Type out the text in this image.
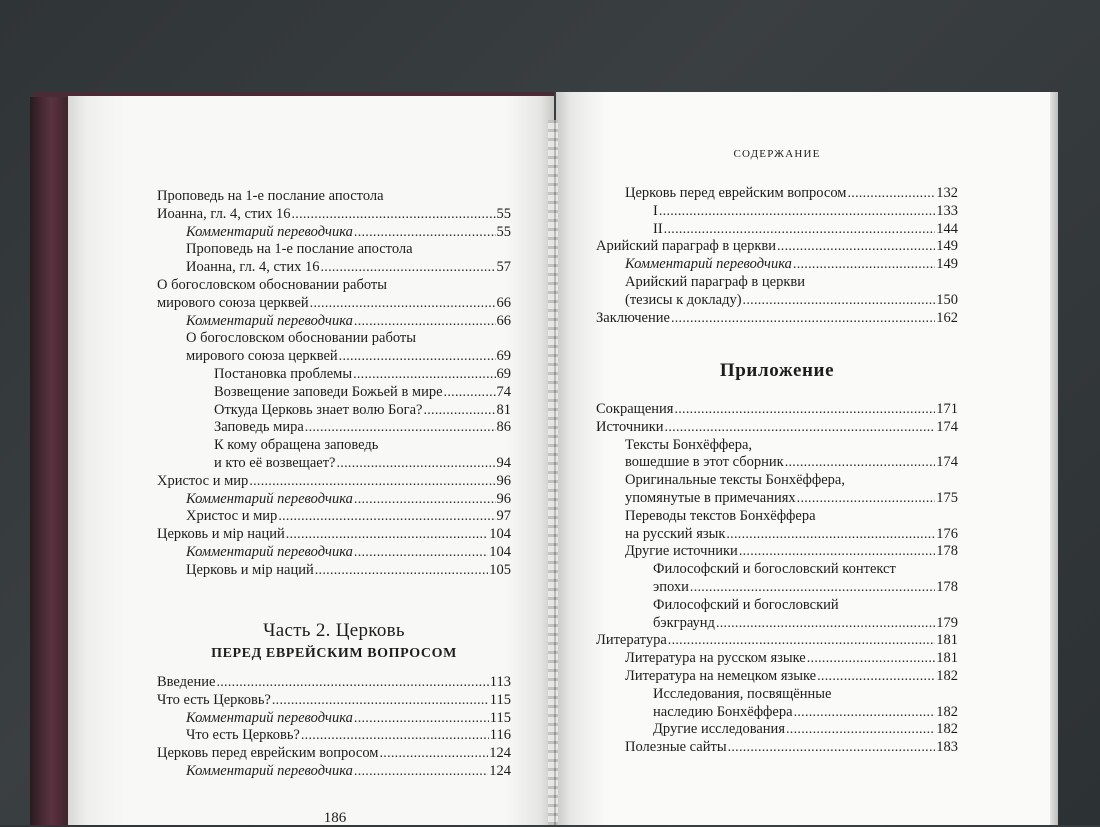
Проповедь на 1-е послание апостола
Иоанна, гл. 4, стих 16 .....	55
Комментарий переводчика .....	55
Проповедь на 1-е послание апостола
Иоанна, гл. 4, стих 16 .....	57
О богословском обосновании работы
мирового союза церквей .....	66
Комментарий переводчика .....	66
О богословском обосновании работы
мирового союза церквей .....	69
Постановка проблемы .....	69
Возвещение заповеди Божьей в мире .....	74
Откуда Церковь знает волю Бога? .....	81
Заповедь мира .....	86
К кому обращена заповедь
и кто её возвещает? .....	94
Христос и мир .....	96
Комментарий переводчика .....	96
Христос и мир .....	97
Церковь и мір наций .....	104
Комментарий переводчика .....	104
Церковь и мір наций .....	105
Часть 2. Церковь
ПЕРЕД ЕВРЕЙСКИМ ВОПРОСОМ
Введение .....	113
Что есть Церковь? .....	115
Комментарий переводчика .....	115
Что есть Церковь? .....	116
Церковь перед еврейским вопросом .....	124
Комментарий переводчика .....	124
186
СОДЕРЖАНИЕ
Церковь перед еврейским вопросом .....	132
I .....	133
II .....	144
Арийский параграф в церкви .....	149
Комментарий переводчика .....	149
Арийский параграф в церкви
(тезисы к докладу) .....	150
Заключение .....	162
Приложение
Сокращения .....	171
Источники .....	174
Тексты Бонхёффера,
вошедшие в этот сборник .....	174
Оригинальные тексты Бонхёффера,
упомянутые в примечаниях .....	175
Переводы текстов Бонхёффера
на русский язык .....	176
Другие источники .....	178
Философский и богословский контекст
эпохи .....	178
Философский и богословский
бэкграунд .....	179
Литература .....	181
Литература на русском языке .....	181
Литература на немецком языке .....	182
Исследования, посвящённые
наследию Бонхёффера .....	182
Другие исследования .....	182
Полезные сайты .....	183
